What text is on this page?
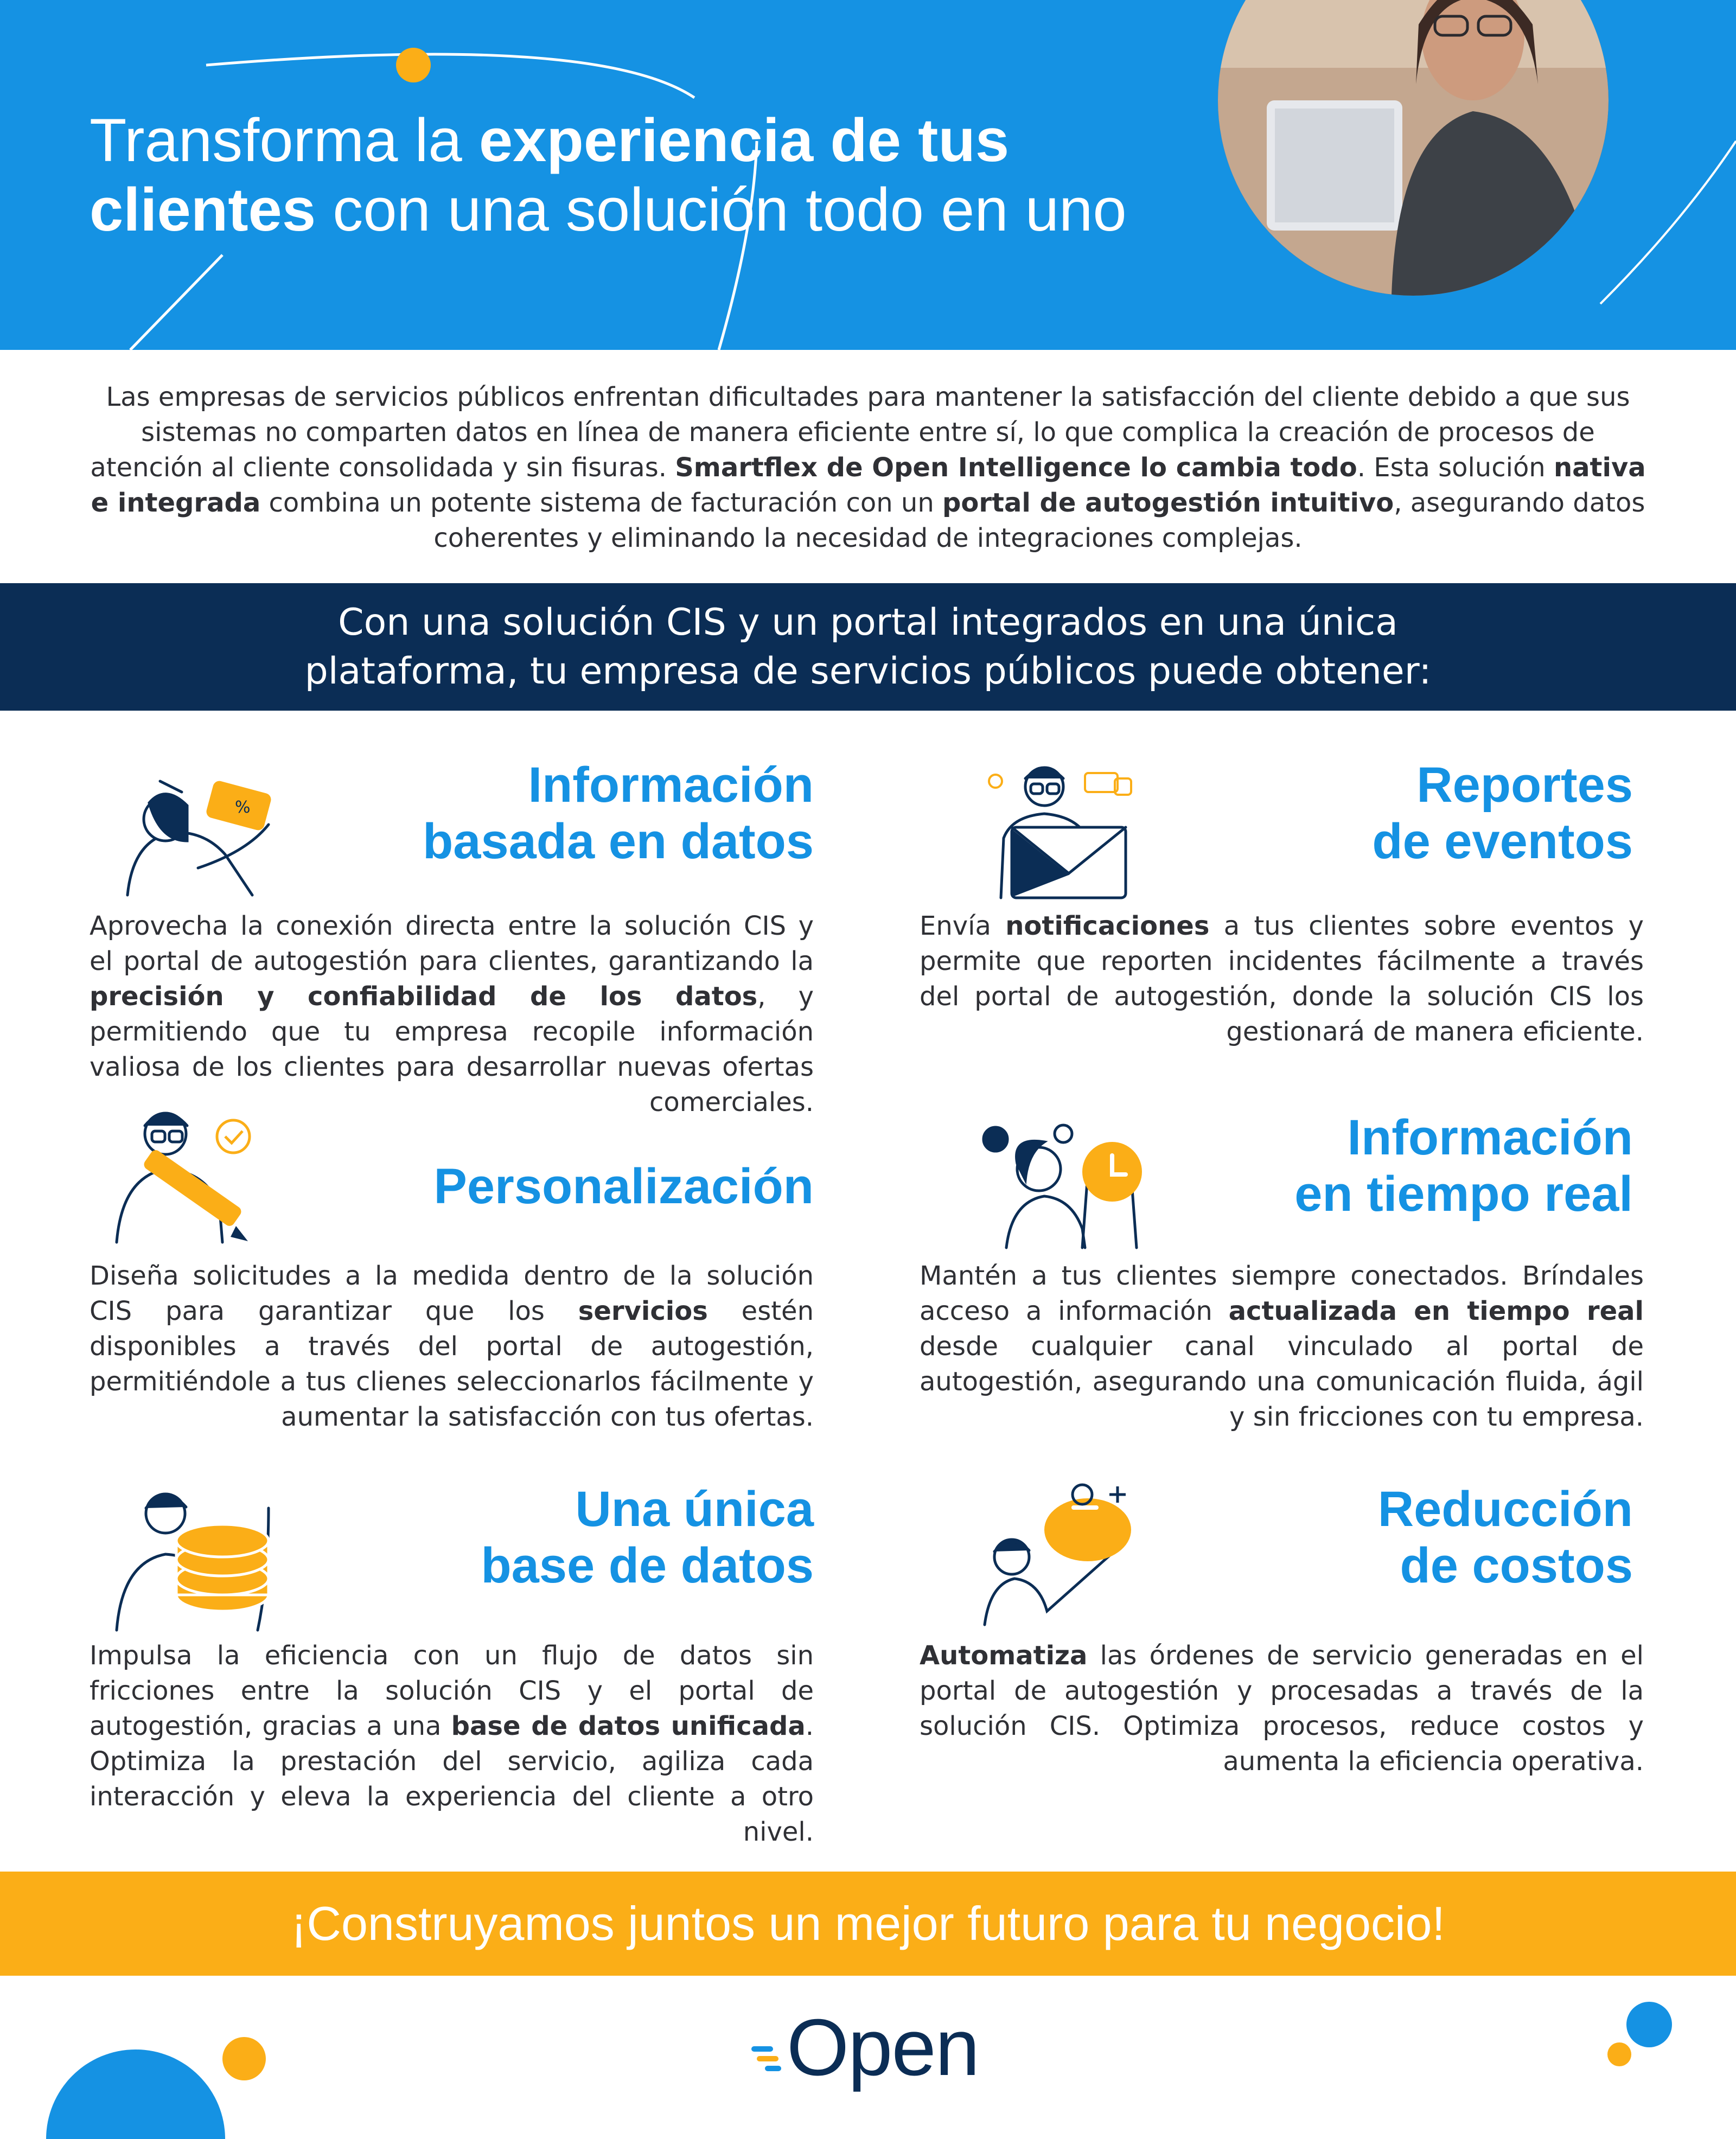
Transforma la experiencia de tus
clientes con una solución todo en uno

Las empresas de servicios públicos enfrentan dificultades para mantener la satisfacción del cliente debido a que sus sistemas no comparten datos en línea de manera eficiente entre sí, lo que complica la creación de procesos de atención al cliente consolidada y sin fisuras. Smartflex de Open Intelligence lo cambia todo. Esta solución nativa e integrada combina un potente sistema de facturación con un portal de autogestión intuitivo, asegurando datos coherentes y eliminando la necesidad de integraciones complejas.

Con una solución CIS y un portal integrados en una única
plataforma, tu empresa de servicios públicos puede obtener:

%	Información
basada en datos

Aprovecha la conexión directa entre la solución CIS y el portal de autogestión para clientes, garantizando la precisión y confiabilidad de los datos, y permitiendo que tu empresa recopile información valiosa de los clientes para desarrollar nuevas ofertas comerciales.

Reportes
de eventos

Envía notificaciones a tus clientes sobre eventos y permite que reporten incidentes fácilmente a través del portal de autogestión, donde la solución CIS los gestionará de manera eficiente.

Personalización

Diseña solicitudes a la medida dentro de la solución CIS para garantizar que los servicios estén disponibles a través del portal de autogestión, permitiéndole a tus clienes seleccionarlos fácilmente y aumentar la satisfacción con tus ofertas.

Información
en tiempo real

Mantén a tus clientes siempre conectados. Bríndales acceso a información actualizada en tiempo real desde cualquier canal vinculado al portal de autogestión, asegurando una comunicación fluida, ágil y sin fricciones con tu empresa.

Una única
base de datos

Impulsa la eficiencia con un flujo de datos sin fricciones entre la solución CIS y el portal de autogestión, gracias a una base de datos unificada. Optimiza la prestación del servicio, agiliza cada interacción y eleva la experiencia del cliente a otro nivel.

Reducción
de costos

Automatiza las órdenes de servicio generadas en el portal de autogestión y procesadas a través de la solución CIS. Optimiza procesos, reduce costos y aumenta la eficiencia operativa.

¡Construyamos juntos un mejor futuro para tu negocio!

Open
